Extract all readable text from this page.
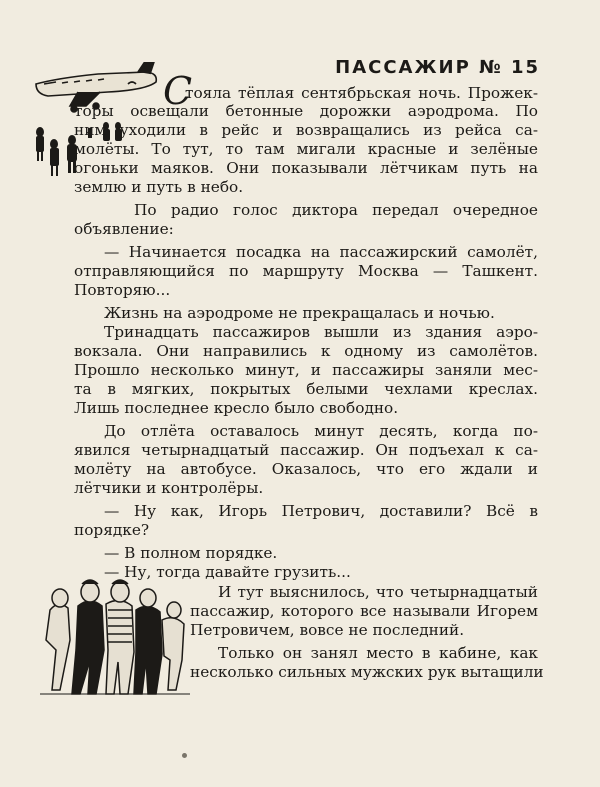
ПАССАЖИР № 15
С
тояла тёплая сентябрьская ночь. Прожек-
торы освещали бетонные дорожки аэродрома. По
ним уходили в рейс и возвращались из рейса са-
молёты. То тут, то там мигали красные и зелёные
огоньки маяков. Они показывали лётчикам путь на
землю и путь в небо.
По радио голос диктора передал очередное
объявление:
— Начинается посадка на пассажирский самолёт,
отправляющийся по маршруту Москва — Ташкент.
Повторяю...
Жизнь на аэродроме не прекращалась и ночью.
Тринадцать пассажиров вышли из здания аэро-
вокзала. Они направились к одному из самолётов.
Прошло несколько минут, и пассажиры заняли мес-
та в мягких, покрытых белыми чехлами креслах.
Лишь последнее кресло было свободно.
До отлёта оставалось минут десять, когда по-
явился четырнадцатый пассажир. Он подъехал к са-
молёту на автобусе. Оказалось, что его ждали и
лётчики и контролёры.
— Ну как, Игорь Петрович, доставили? Всё в
порядке?
— В полном порядке.
— Ну, тогда давайте грузить...
И тут выяснилось, что четырнадцатый
пассажир, которого все называли Игорем
Петровичем, вовсе не последний.
Только он занял место в кабине, как
несколько сильных мужских рук вытащили
